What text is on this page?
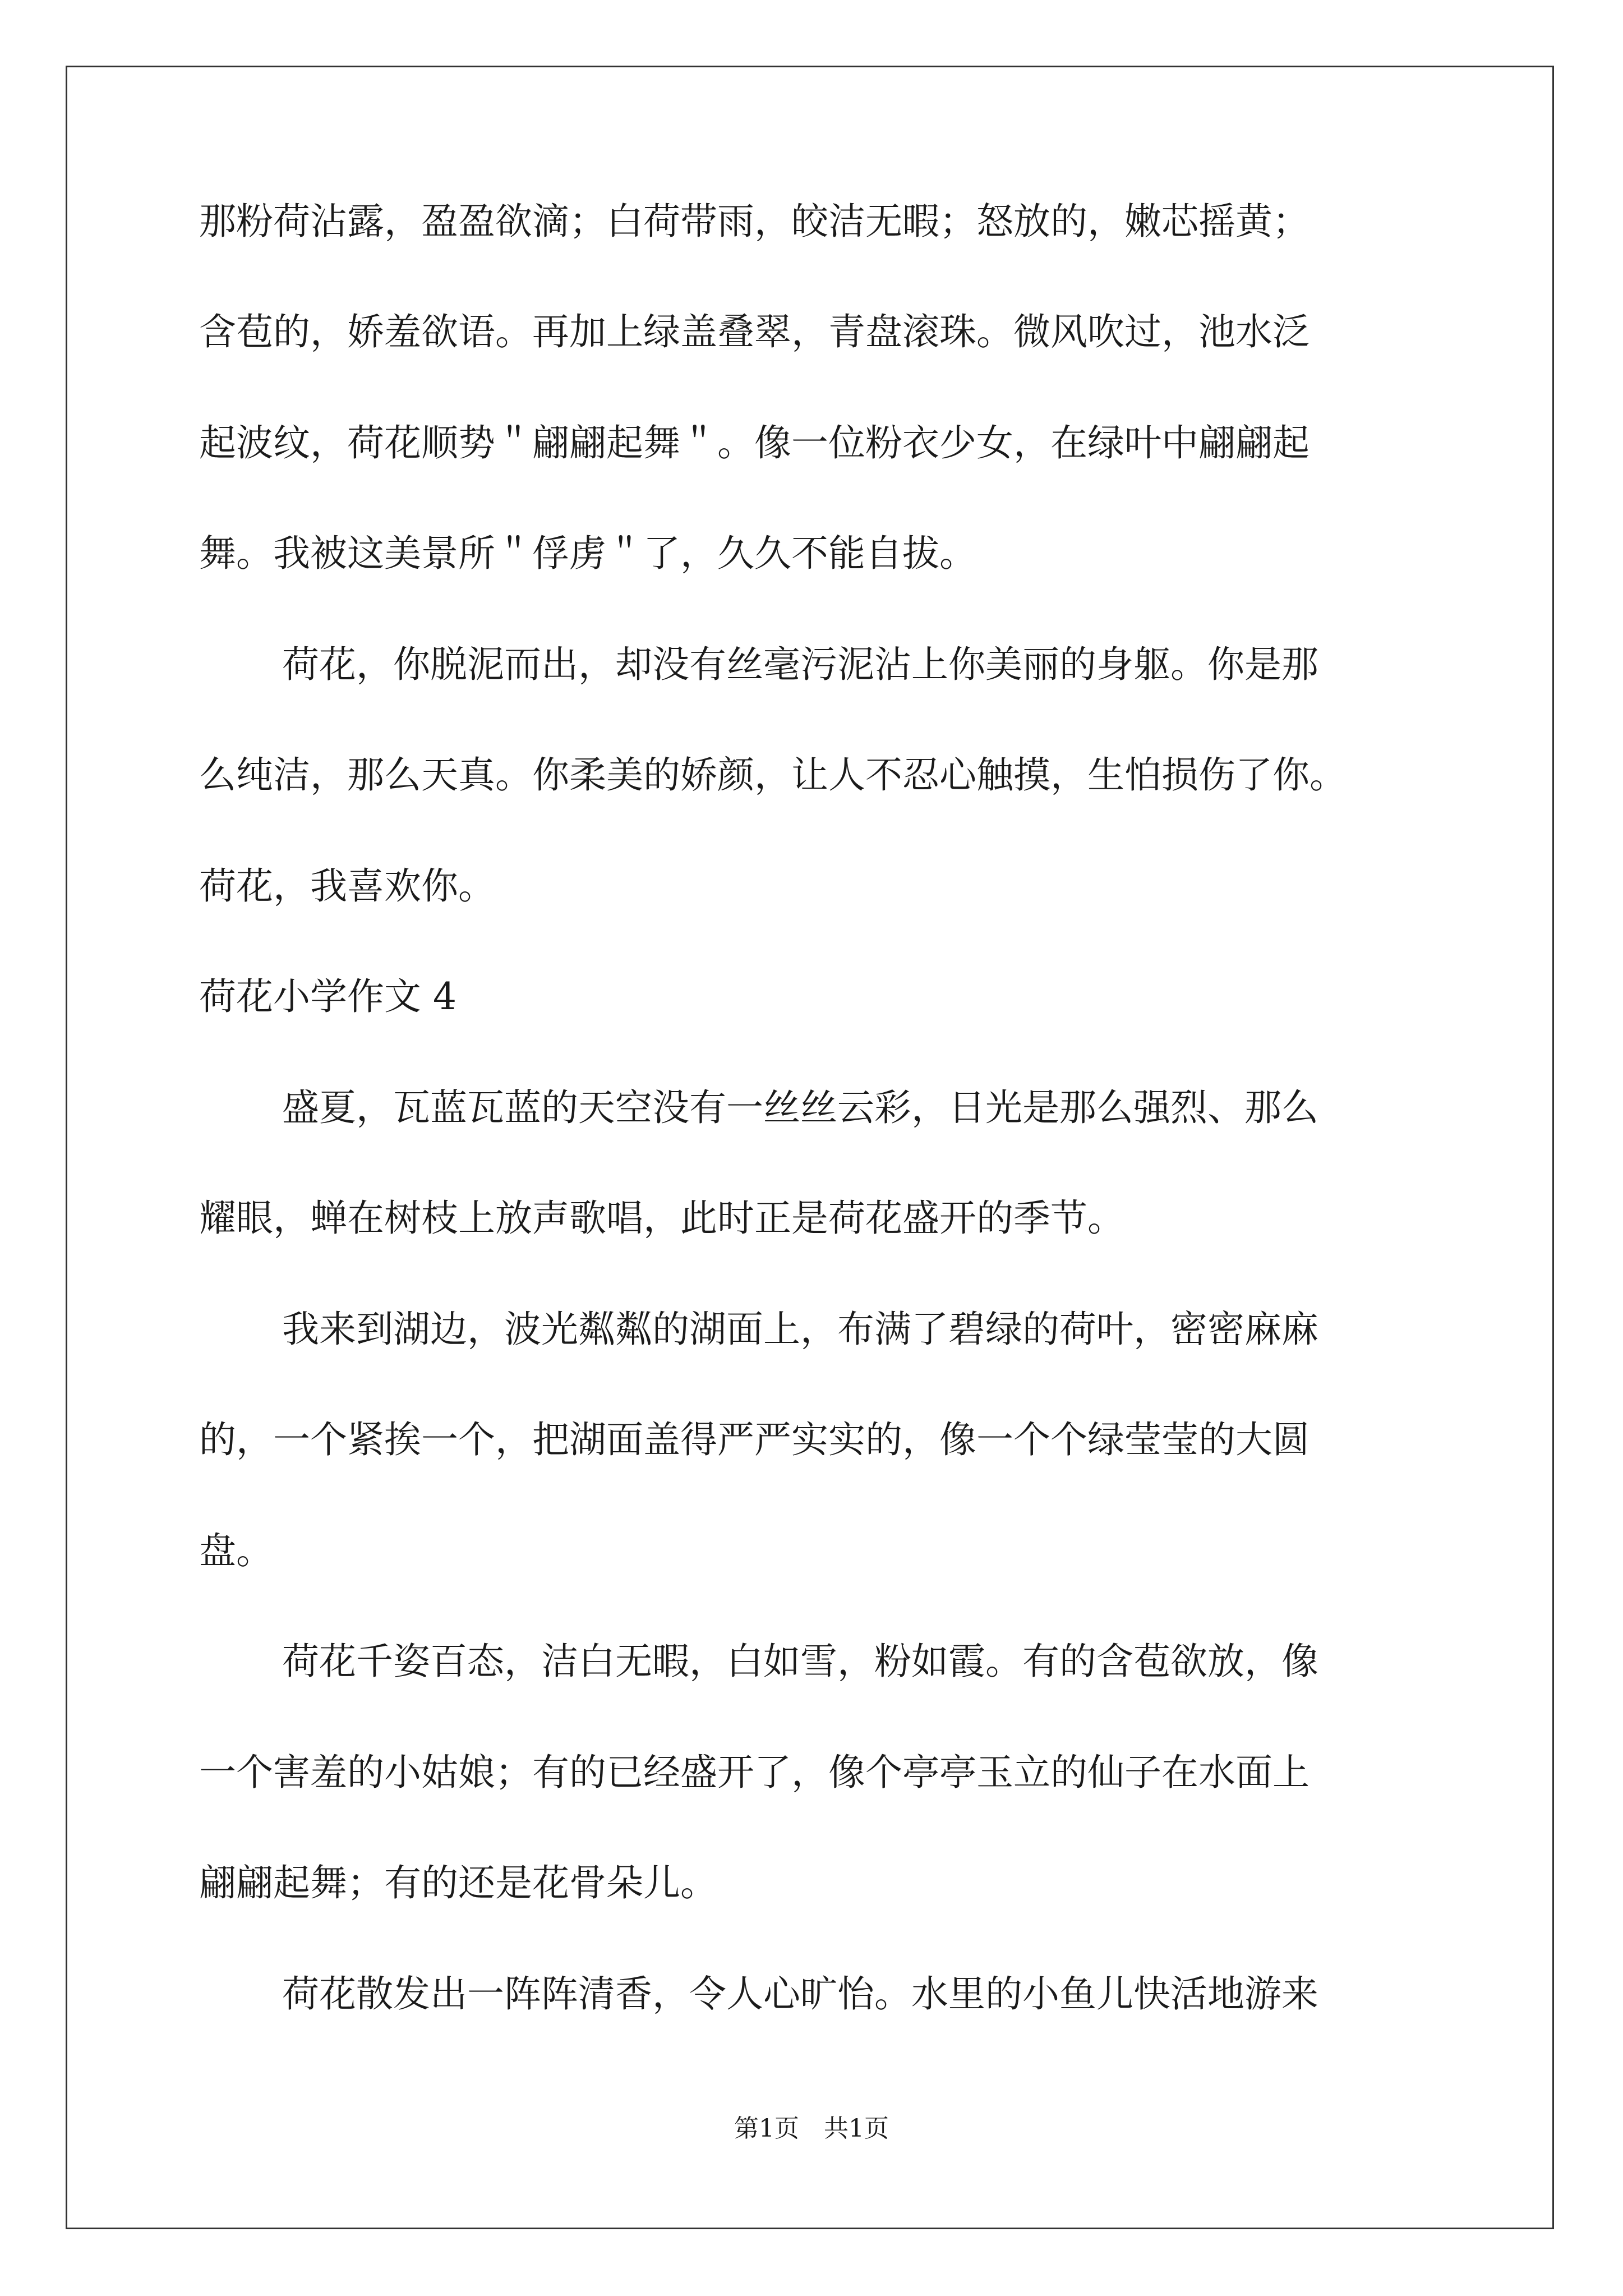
那粉荷沾露，盈盈欲滴；白荷带雨，皎洁无暇；怒放的，嫩芯摇黄；
含苞的，娇羞欲语。再加上绿盖叠翠，青盘滚珠。微风吹过，池水泛
起波纹，荷花顺势＂翩翩起舞＂。像一位粉衣少女，在绿叶中翩翩起
舞。我被这美景所＂俘虏＂了，久久不能自拔。
荷花，你脱泥而出，却没有丝毫污泥沾上你美丽的身躯。你是那
么纯洁，那么天真。你柔美的娇颜，让人不忍心触摸，生怕损伤了你。
荷花，我喜欢你。
荷花小学作文 4
盛夏，瓦蓝瓦蓝的天空没有一丝丝云彩，日光是那么强烈、那么
耀眼，蝉在树枝上放声歌唱，此时正是荷花盛开的季节。
我来到湖边，波光粼粼的湖面上，布满了碧绿的荷叶，密密麻麻
的，一个紧挨一个，把湖面盖得严严实实的，像一个个绿莹莹的大圆
盘。
荷花千姿百态，洁白无暇，白如雪，粉如霞。有的含苞欲放，像
一个害羞的小姑娘；有的已经盛开了，像个亭亭玉立的仙子在水面上
翩翩起舞；有的还是花骨朵儿。
荷花散发出一阵阵清香，令人心旷怡。水里的小鱼儿快活地游来
第1页　共1页
